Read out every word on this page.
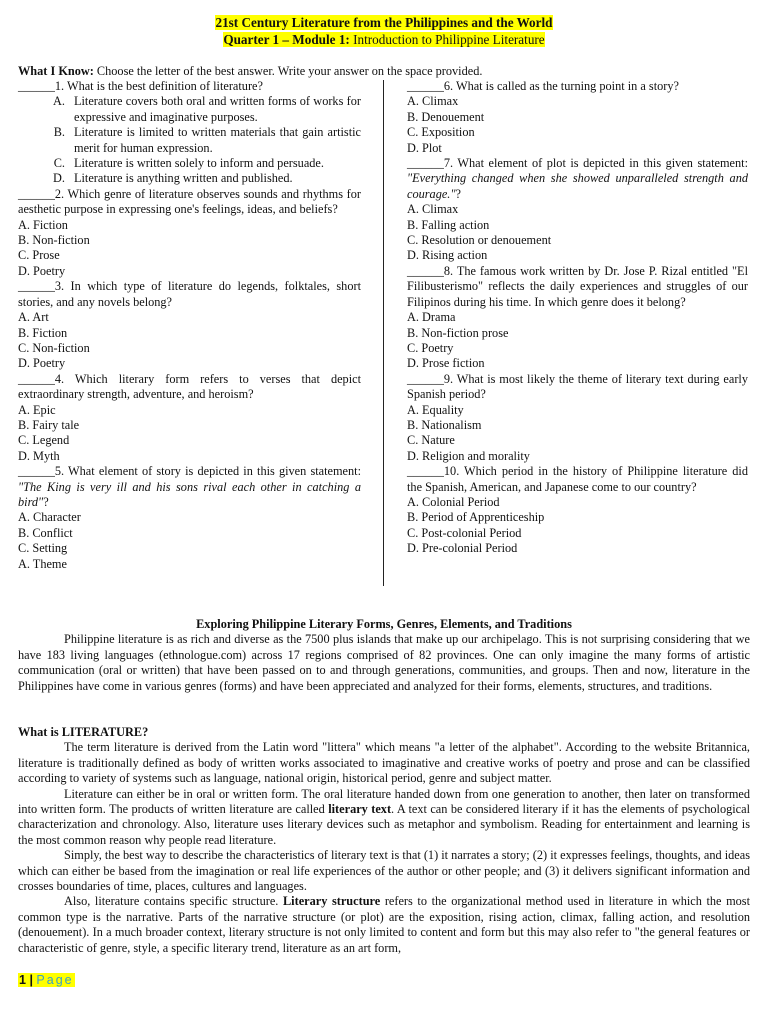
21st Century Literature from the Philippines and the World
Quarter 1 – Module 1: Introduction to Philippine Literature
What I Know: Choose the letter of the best answer. Write your answer on the space provided.

______1. What is the best definition of literature?

A. Literature covers both oral and written forms of works for expressive and imaginative purposes.
B. Literature is limited to written materials that gain artistic merit for human expression.
C. Literature is written solely to inform and persuade.
D. Literature is anything written and published.

______2. Which genre of literature observes sounds and rhythms for aesthetic purpose in expressing one's feelings, ideas, and beliefs?

A. Fiction

B. Non-fiction

C. Prose

D. Poetry

______3. In which type of literature do legends, folktales, short stories, and any novels belong?

A. Art

B. Fiction

C. Non-fiction

D. Poetry

______4. Which literary form refers to verses that depict extraordinary strength, adventure, and heroism?

A. Epic

B. Fairy tale

C. Legend

D. Myth

______5. What element of story is depicted in this given statement: "The King is very ill and his sons rival each other in catching a bird"?

A. Character

B. Conflict

C. Setting

A. Theme

______6. What is called as the turning point in a story?

A. Climax

B. Denouement

C. Exposition

D. Plot

______7. What element of plot is depicted in this given statement: "Everything changed when she showed unparalleled strength and courage."?

A. Climax

B. Falling action

C. Resolution or denouement

D. Rising action

______8. The famous work written by Dr. Jose P. Rizal entitled "El Filibusterismo" reflects the daily experiences and struggles of our Filipinos during his time. In which genre does it belong?

A. Drama

B. Non-fiction prose

C. Poetry

D. Prose fiction

______9. What is most likely the theme of literary text during early Spanish period?

A. Equality

B. Nationalism

C. Nature

D. Religion and morality

______10. Which period in the history of Philippine literature did the Spanish, American, and Japanese come to our country?

A. Colonial Period

B. Period of Apprenticeship

C. Post-colonial Period

D. Pre-colonial Period

Exploring Philippine Literary Forms, Genres, Elements, and Traditions

Philippine literature is as rich and diverse as the 7500 plus islands that make up our archipelago. This is not surprising considering that we have 183 living languages (ethnologue.com) across 17 regions comprised of 82 provinces. One can only imagine the many forms of artistic communication (oral or written) that have been passed on to and through generations, communities, and groups. Then and now, literature in the Philippines have come in various genres (forms) and have been appreciated and analyzed for their forms, elements, structures, and traditions.

What is LITERATURE?

The term literature is derived from the Latin word "littera" which means "a letter of the alphabet". According to the website Britannica, literature is traditionally defined as body of written works associated to imaginative and creative works of poetry and prose and can be classified according to variety of systems such as language, national origin, historical period, genre and subject matter.

Literature can either be in oral or written form. The oral literature handed down from one generation to another, then later on transformed into written form. The products of written literature are called literary text. A text can be considered literary if it has the elements of psychological characterization and chronology. Also, literature uses literary devices such as metaphor and symbolism. Reading for entertainment and learning is the most common reason why people read literature.

Simply, the best way to describe the characteristics of literary text is that (1) it narrates a story; (2) it expresses feelings, thoughts, and ideas which can either be based from the imagination or real life experiences of the author or other people; and (3) it delivers significant information and crosses boundaries of time, places, cultures and languages.

Also, literature contains specific structure. Literary structure refers to the organizational method used in literature in which the most common type is the narrative. Parts of the narrative structure (or plot) are the exposition, rising action, climax, falling action, and resolution (denouement). In a much broader context, literary structure is not only limited to content and form but this may also refer to "the general features or characteristic of genre, style, a specific literary trend, literature as an art form,

1 | Page
